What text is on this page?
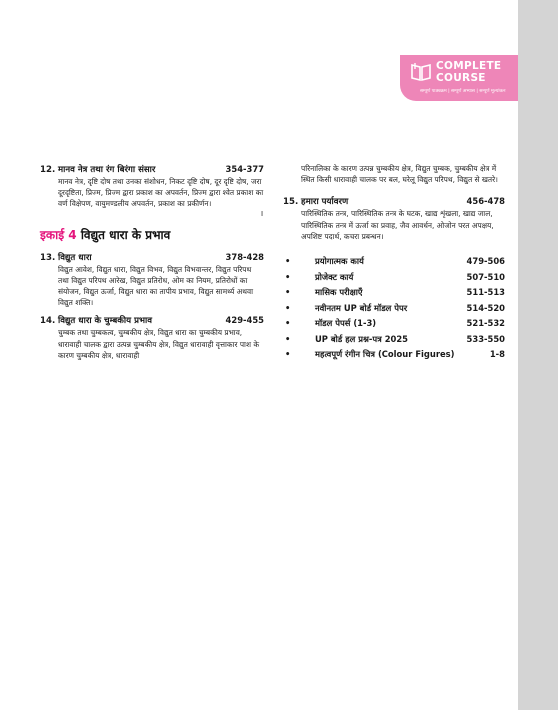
COMPLETE
COURSE
सम्पूर्ण पाठ्यक्रम | सम्पूर्ण अभ्यास | सम्पूर्ण मूल्यांकन
12. मानव नेत्र तथा रंग बिरंगा संसार	354-377
मानव नेत्र, दृष्टि दोष तथा उनका संशोधन, निकट दृष्टि दोष, दूर दृष्टि दोष, जरा दूरदृष्टिता, प्रिज्म, प्रिज्म द्वारा प्रकाश का अपवर्तन, प्रिज्म द्वारा श्वेत प्रकाश का वर्ण विक्षेपण, वायुमण्डलीय अपवर्तन, प्रकाश का प्रकीर्णन।
I
इकाई 4 विद्युत धारा के प्रभाव
13. विद्युत धारा	378-428
विद्युत आवेश, विद्युत धारा, विद्युत विभव, विद्युत विभवान्तर, विद्युत परिपथ तथा विद्युत परिपथ आरेख, विद्युत प्रतिरोध, ओम का नियम, प्रतिरोधों का संयोजन, विद्युत ऊर्जा, विद्युत धारा का तापीय प्रभाव, विद्युत सामर्थ्य अथवा विद्युत शक्ति।
14. विद्युत धारा के चुम्बकीय प्रभाव	429-455
चुम्बक तथा चुम्बकत्व, चुम्बकीय क्षेत्र, विद्युत धारा का चुम्बकीय प्रभाव, धारावाही चालक द्वारा उत्पन्न चुम्बकीय क्षेत्र, विद्युत धारावाही वृत्ताकार पाश के कारण चुम्बकीय क्षेत्र, धारावाही
परिनालिका के कारण उत्पन्न चुम्बकीय क्षेत्र, विद्युत चुम्बक, चुम्बकीय क्षेत्र में स्थित किसी धारावाही चालक पर बल, घरेलू विद्युत परिपथ, विद्युत से खतरे।
15. हमारा पर्यावरण	456-478
पारिस्थितिक तन्त्र, पारिस्थितिक तन्त्र के घटक, खाद्य शृंखला, खाद्य जाल, पारिस्थितिक तन्त्र में ऊर्जा का प्रवाह, जैव आवर्धन, ओजोन परत अपक्षय, अपशिष्ट पदार्थ, कचरा प्रबन्धन।
•	प्रयोगात्मक कार्य	479-506
•	प्रोजेक्ट कार्य	507-510
•	मासिक परीक्षाएँ	511-513
•	नवीनतम UP बोर्ड मॉडल पेपर	514-520
•	मॉडल पेपर्स (1-3)	521-532
•	UP बोर्ड हल प्रश्न-पत्र 2025	533-550
•	महत्वपूर्ण रंगीन चित्र (Colour Figures)	1-8
